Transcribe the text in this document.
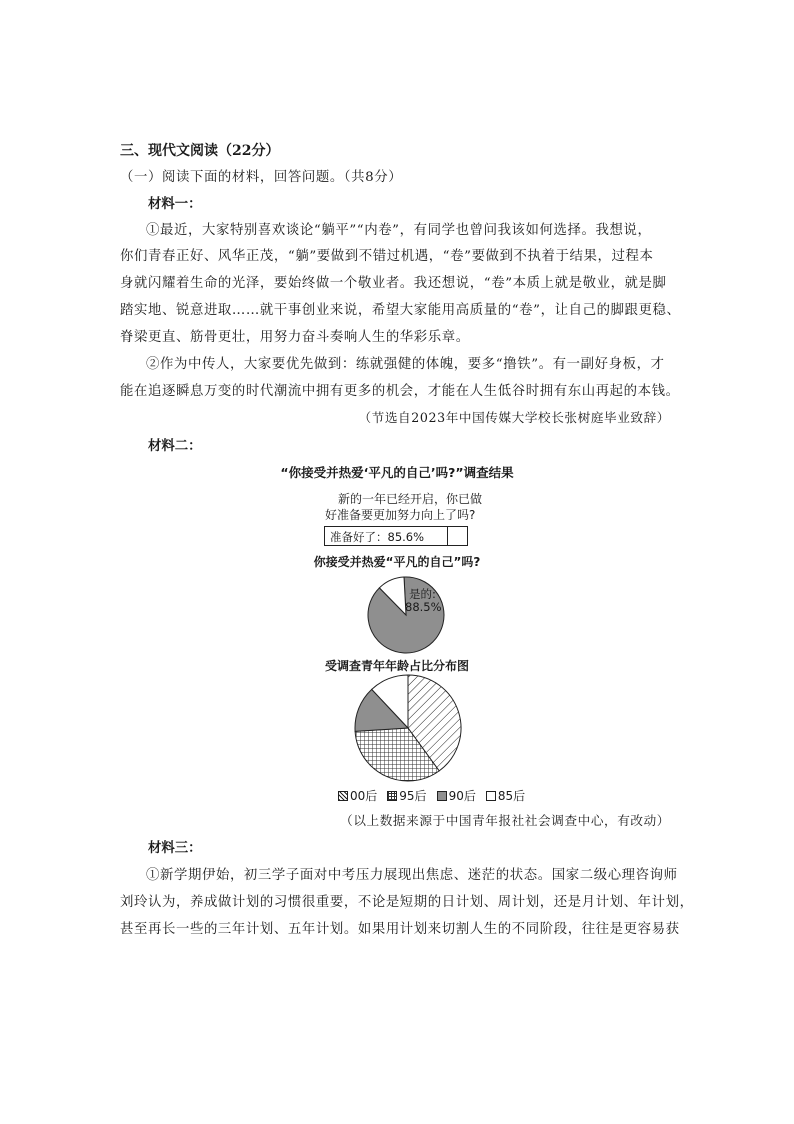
三、现代文阅读（22分）
（一）阅读下面的材料，回答问题。（共8分）
材料一：
①最近，大家特别喜欢谈论“躺平”“内卷”，有同学也曾问我该如何选择。我想说，
你们青春正好、风华正茂，“躺”要做到不错过机遇，“卷”要做到不执着于结果，过程本
身就闪耀着生命的光泽，要始终做一个敬业者。我还想说，“卷”本质上就是敬业，就是脚
踏实地、锐意进取……就干事创业来说，希望大家能用高质量的“卷”，让自己的脚跟更稳、
脊梁更直、筋骨更壮，用努力奋斗奏响人生的华彩乐章。
②作为中传人，大家要优先做到：练就强健的体魄，要多“撸铁”。有一副好身板，才
能在追逐瞬息万变的时代潮流中拥有更多的机会，才能在人生低谷时拥有东山再起的本钱。
（节选自2023年中国传媒大学校长张树庭毕业致辞）
材料二：
“你接受并热爱‘平凡的自己’吗?”调查结果
新的一年已经开启，你已做
好准备要更加努力向上了吗?
准备好了：85.6%
你接受并热爱“平凡的自己”吗?
是的:
88.5%
受调查青年年龄占比分布图
00后 95后 90后 85后
（以上数据来源于中国青年报社社会调查中心，有改动）
材料三：
①新学期伊始，初三学子面对中考压力展现出焦虑、迷茫的状态。国家二级心理咨询师
刘玲认为，养成做计划的习惯很重要，不论是短期的日计划、周计划，还是月计划、年计划，
甚至再长一些的三年计划、五年计划。如果用计划来切割人生的不同阶段，往往是更容易获
